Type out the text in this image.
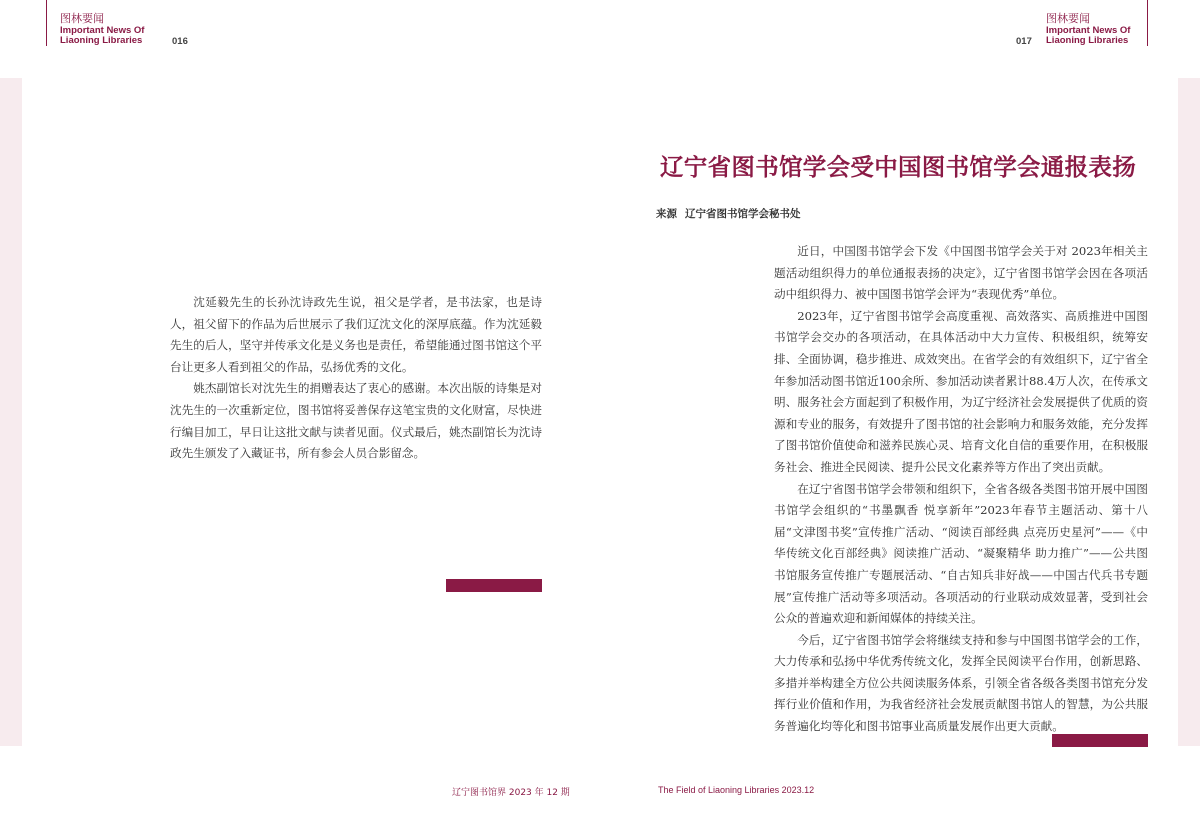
图林要闻
Important News Of
Liaoning Libraries	016	017
图林要闻
Important News Of
Liaoning Libraries

沈延毅先生的长孙沈诗政先生说，祖父是学者，是书法家，也是诗人，祖父留下的作品为后世展示了我们辽沈文化的深厚底蕴。作为沈延毅先生的后人，坚守并传承文化是义务也是责任，希望能通过图书馆这个平台让更多人看到祖父的作品，弘扬优秀的文化。

姚杰副馆长对沈先生的捐赠表达了衷心的感谢。本次出版的诗集是对沈先生的一次重新定位，图书馆将妥善保存这笔宝贵的文化财富，尽快进行编目加工，早日让这批文献与读者见面。仪式最后，姚杰副馆长为沈诗政先生颁发了入藏证书，所有参会人员合影留念。

辽宁省图书馆学会受中国图书馆学会通报表扬
来源 辽宁省图书馆学会秘书处

近日，中国图书馆学会下发《中国图书馆学会关于对 2023年相关主题活动组织得力的单位通报表扬的决定》，辽宁省图书馆学会因在各项活动中组织得力、被中国图书馆学会评为“表现优秀”单位。

2023年，辽宁省图书馆学会高度重视、高效落实、高质推进中国图书馆学会交办的各项活动，在具体活动中大力宣传、积极组织，统筹安排、全面协调，稳步推进、成效突出。在省学会的有效组织下，辽宁省全年参加活动图书馆近100余所、参加活动读者累计88.4万人次，在传承文明、服务社会方面起到了积极作用，为辽宁经济社会发展提供了优质的资源和专业的服务，有效提升了图书馆的社会影响力和服务效能，充分发挥了图书馆价值使命和滋养民族心灵、培育文化自信的重要作用，在积极服务社会、推进全民阅读、提升公民文化素养等方作出了突出贡献。

在辽宁省图书馆学会带领和组织下，全省各级各类图书馆开展中国图书馆学会组织的“书墨飘香 悦享新年”2023年春节主题活动、第十八届“文津图书奖”宣传推广活动、“阅读百部经典 点亮历史星河”——《中华传统文化百部经典》阅读推广活动、“凝聚精华 助力推广”——公共图书馆服务宣传推广专题展活动、“自古知兵非好战——中国古代兵书专题展”宣传推广活动等多项活动。各项活动的行业联动成效显著，受到社会公众的普遍欢迎和新闻媒体的持续关注。

今后，辽宁省图书馆学会将继续支持和参与中国图书馆学会的工作，大力传承和弘扬中华优秀传统文化，发挥全民阅读平台作用，创新思路、多措并举构建全方位公共阅读服务体系，引领全省各级各类图书馆充分发挥行业价值和作用，为我省经济社会发展贡献图书馆人的智慧，为公共服务普遍化均等化和图书馆事业高质量发展作出更大贡献。

辽宁图书馆界 2023 年 12 期	The Field of Liaoning Libraries 2023.12
